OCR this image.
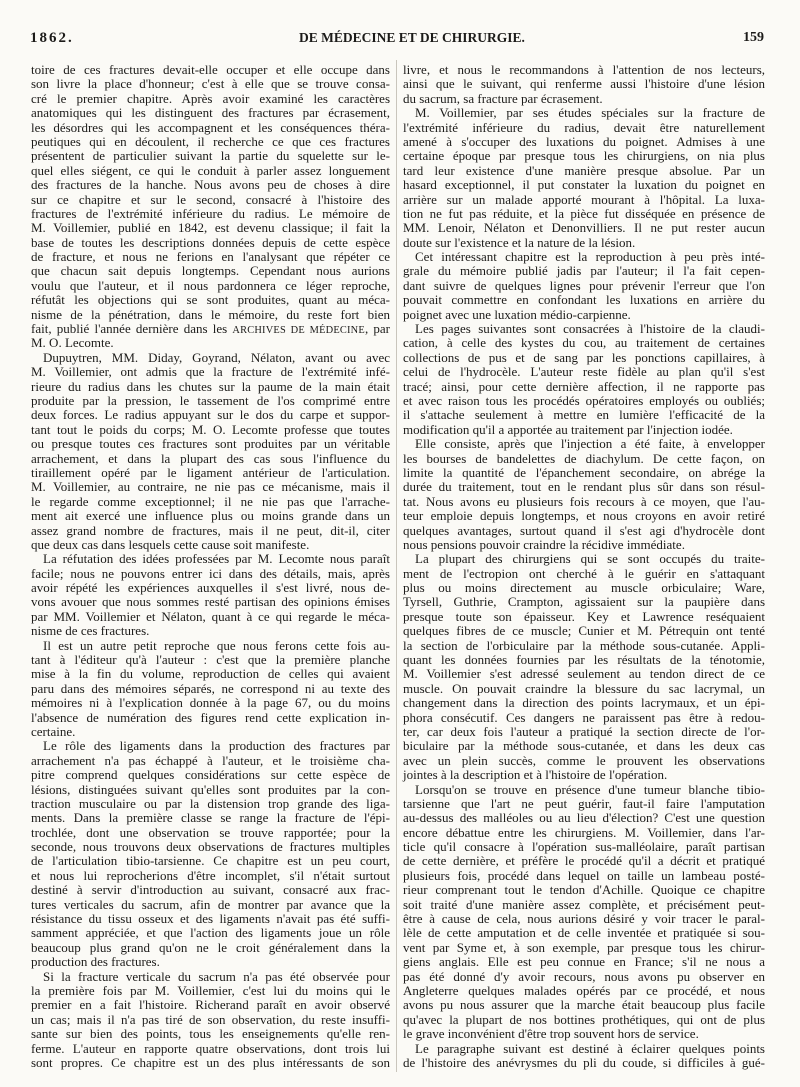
1862.	DE MÉDECINE ET DE CHIRURGIE.	159
toire de ces fractures devait-elle occuper et elle occupe dans
son livre la place d'honneur; c'est à elle que se trouve consa-
cré le premier chapitre. Après avoir examiné les caractères
anatomiques qui les distinguent des fractures par écrasement,
les désordres qui les accompagnent et les conséquences théra-
peutiques qui en découlent, il recherche ce que ces fractures
présentent de particulier suivant la partie du squelette sur le-
quel elles siégent, ce qui le conduit à parler assez longuement
des fractures de la hanche. Nous avons peu de choses à dire
sur ce chapitre et sur le second, consacré à l'histoire des
fractures de l'extrémité inférieure du radius. Le mémoire de
M. Voillemier, publié en 1842, est devenu classique; il fait la
base de toutes les descriptions données depuis de cette espèce
de fracture, et nous ne ferions en l'analysant que répéter ce
que chacun sait depuis longtemps. Cependant nous aurions
voulu que l'auteur, et il nous pardonnera ce léger reproche,
réfutât les objections qui se sont produites, quant au méca-
nisme de la pénétration, dans le mémoire, du reste fort bien
fait, publié l'année dernière dans les ARCHIVES DE MÉDECINE, par
M. O. Lecomte.
Dupuytren, MM. Diday, Goyrand, Nélaton, avant ou avec
M. Voillemier, ont admis que la fracture de l'extrémité infé-
rieure du radius dans les chutes sur la paume de la main était
produite par la pression, le tassement de l'os comprimé entre
deux forces. Le radius appuyant sur le dos du carpe et suppor-
tant tout le poids du corps; M. O. Lecomte professe que toutes
ou presque toutes ces fractures sont produites par un véritable
arrachement, et dans la plupart des cas sous l'influence du
tiraillement opéré par le ligament antérieur de l'articulation.
M. Voillemier, au contraire, ne nie pas ce mécanisme, mais il
le regarde comme exceptionnel; il ne nie pas que l'arrache-
ment ait exercé une influence plus ou moins grande dans un
assez grand nombre de fractures, mais il ne peut, dit-il, citer
que deux cas dans lesquels cette cause soit manifeste.
La réfutation des idées professées par M. Lecomte nous paraît
facile; nous ne pouvons entrer ici dans des détails, mais, après
avoir répété les expériences auxquelles il s'est livré, nous de-
vons avouer que nous sommes resté partisan des opinions émises
par MM. Voillemier et Nélaton, quant à ce qui regarde le méca-
nisme de ces fractures.
Il est un autre petit reproche que nous ferons cette fois au-
tant à l'éditeur qu'à l'auteur : c'est que la première planche
mise à la fin du volume, reproduction de celles qui avaient
paru dans des mémoires séparés, ne correspond ni au texte des
mémoires ni à l'explication donnée à la page 67, ou du moins
l'absence de numération des figures rend cette explication in-
certaine.
Le rôle des ligaments dans la production des fractures par
arrachement n'a pas échappé à l'auteur, et le troisième cha-
pitre comprend quelques considérations sur cette espèce de
lésions, distinguées suivant qu'elles sont produites par la con-
traction musculaire ou par la distension trop grande des liga-
ments. Dans la première classe se range la fracture de l'épi-
trochlée, dont une observation se trouve rapportée; pour la
seconde, nous trouvons deux observations de fractures multiples
de l'articulation tibio-tarsienne. Ce chapitre est un peu court,
et nous lui reprocherions d'être incomplet, s'il n'était surtout
destiné à servir d'introduction au suivant, consacré aux frac-
tures verticales du sacrum, afin de montrer par avance que la
résistance du tissu osseux et des ligaments n'avait pas été suffi-
samment appréciée, et que l'action des ligaments joue un rôle
beaucoup plus grand qu'on ne le croit généralement dans la
production des fractures.
Si la fracture verticale du sacrum n'a pas été observée pour
la première fois par M. Voillemier, c'est lui du moins qui le
premier en a fait l'histoire. Richerand paraît en avoir observé
un cas; mais il n'a pas tiré de son observation, du reste insuffi-
sante sur bien des points, tous les enseignements qu'elle ren-
ferme. L'auteur en rapporte quatre observations, dont trois lui
sont propres. Ce chapitre est un des plus intéressants de son
livre, et nous le recommandons à l'attention de nos lecteurs,
ainsi que le suivant, qui renferme aussi l'histoire d'une lésion
du sacrum, sa fracture par écrasement.
M. Voillemier, par ses études spéciales sur la fracture de
l'extrémité inférieure du radius, devait être naturellement
amené à s'occuper des luxations du poignet. Admises à une
certaine époque par presque tous les chirurgiens, on nia plus
tard leur existence d'une manière presque absolue. Par un
hasard exceptionnel, il put constater la luxation du poignet en
arrière sur un malade apporté mourant à l'hôpital. La luxa-
tion ne fut pas réduite, et la pièce fut disséquée en présence de
MM. Lenoir, Nélaton et Denonvilliers. Il ne put rester aucun
doute sur l'existence et la nature de la lésion.
Cet intéressant chapitre est la reproduction à peu près inté-
grale du mémoire publié jadis par l'auteur; il l'a fait cepen-
dant suivre de quelques lignes pour prévenir l'erreur que l'on
pouvait commettre en confondant les luxations en arrière du
poignet avec une luxation médio-carpienne.
Les pages suivantes sont consacrées à l'histoire de la claudi-
cation, à celle des kystes du cou, au traitement de certaines
collections de pus et de sang par les ponctions capillaires, à
celui de l'hydrocèle. L'auteur reste fidèle au plan qu'il s'est
tracé; ainsi, pour cette dernière affection, il ne rapporte pas
et avec raison tous les procédés opératoires employés ou oubliés;
il s'attache seulement à mettre en lumière l'efficacité de la
modification qu'il a apportée au traitement par l'injection iodée.
Elle consiste, après que l'injection a été faite, à envelopper
les bourses de bandelettes de diachylum. De cette façon, on
limite la quantité de l'épanchement secondaire, on abrége la
durée du traitement, tout en le rendant plus sûr dans son résul-
tat. Nous avons eu plusieurs fois recours à ce moyen, que l'au-
teur emploie depuis longtemps, et nous croyons en avoir retiré
quelques avantages, surtout quand il s'est agi d'hydrocèle dont
nous pensions pouvoir craindre la récidive immédiate.
La plupart des chirurgiens qui se sont occupés du traite-
ment de l'ectropion ont cherché à le guérir en s'attaquant
plus ou moins directement au muscle orbiculaire; Ware,
Tyrsell, Guthrie, Crampton, agissaient sur la paupière dans
presque toute son épaisseur. Key et Lawrence reséquaient
quelques fibres de ce muscle; Cunier et M. Pétrequin ont tenté
la section de l'orbiculaire par la méthode sous-cutanée. Appli-
quant les données fournies par les résultats de la ténotomie,
M. Voillemier s'est adressé seulement au tendon direct de ce
muscle. On pouvait craindre la blessure du sac lacrymal, un
changement dans la direction des points lacrymaux, et un épi-
phora consécutif. Ces dangers ne paraissent pas être à redou-
ter, car deux fois l'auteur a pratiqué la section directe de l'or-
biculaire par la méthode sous-cutanée, et dans les deux cas
avec un plein succès, comme le prouvent les observations
jointes à la description et à l'histoire de l'opération.
Lorsqu'on se trouve en présence d'une tumeur blanche tibio-
tarsienne que l'art ne peut guérir, faut-il faire l'amputation
au-dessus des malléoles ou au lieu d'élection? C'est une question
encore débattue entre les chirurgiens. M. Voillemier, dans l'ar-
ticle qu'il consacre à l'opération sus-malléolaire, paraît partisan
de cette dernière, et préfère le procédé qu'il a décrit et pratiqué
plusieurs fois, procédé dans lequel on taille un lambeau posté-
rieur comprenant tout le tendon d'Achille. Quoique ce chapitre
soit traité d'une manière assez complète, et précisément peut-
être à cause de cela, nous aurions désiré y voir tracer le paral-
lèle de cette amputation et de celle inventée et pratiquée si sou-
vent par Syme et, à son exemple, par presque tous les chirur-
giens anglais. Elle est peu connue en France; s'il ne nous a
pas été donné d'y avoir recours, nous avons pu observer en
Angleterre quelques malades opérés par ce procédé, et nous
avons pu nous assurer que la marche était beaucoup plus facile
qu'avec la plupart de nos bottines prothétiques, qui ont de plus
le grave inconvénient d'être trop souvent hors de service.
Le paragraphe suivant est destiné à éclairer quelques points
de l'histoire des anévrysmes du pli du coude, si difficiles à gué-
